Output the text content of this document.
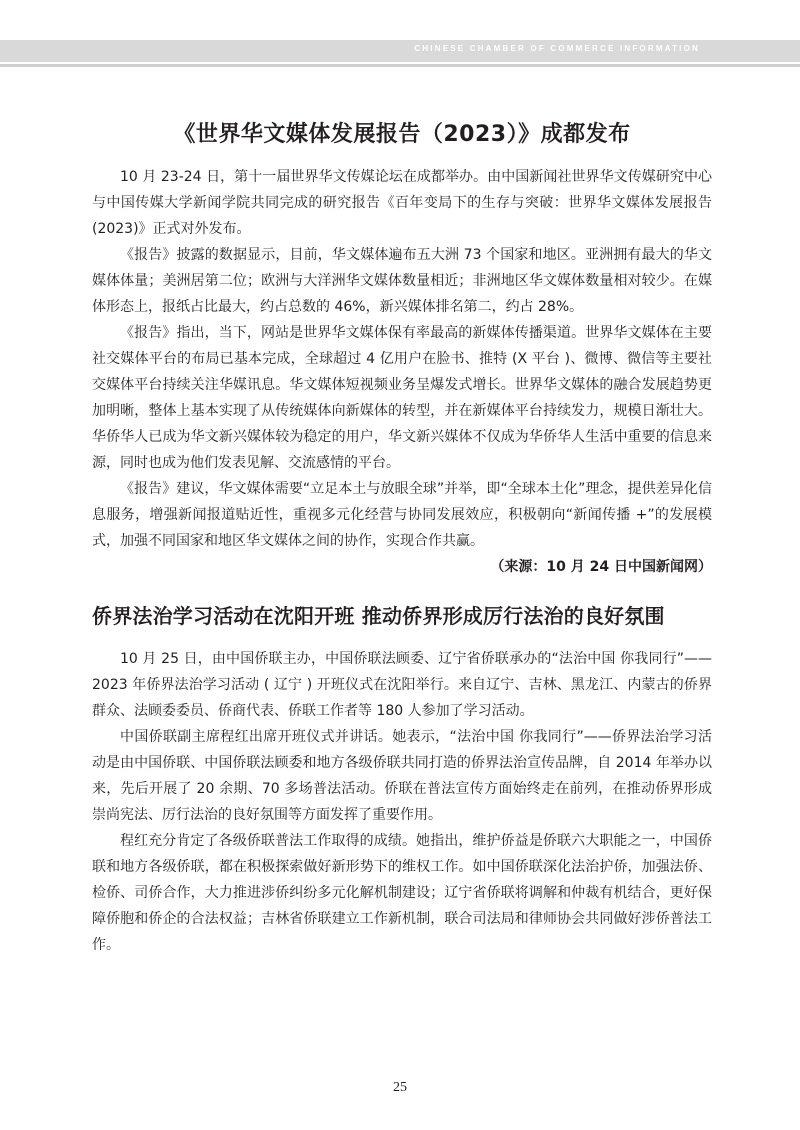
CHINESE CHAMBER OF COMMERCE INFORMATION
《世界华文媒体发展报告（2023）》成都发布

10 月 23-24 日，第十一届世界华文传媒论坛在成都举办。由中国新闻社世界华文传媒研究中心与中国传媒大学新闻学院共同完成的研究报告《百年变局下的生存与突破：世界华文媒体发展报告 (2023)》正式对外发布。

《报告》披露的数据显示，目前，华文媒体遍布五大洲 73 个国家和地区。亚洲拥有最大的华文媒体体量；美洲居第二位；欧洲与大洋洲华文媒体数量相近；非洲地区华文媒体数量相对较少。在媒体形态上，报纸占比最大，约占总数的 46%，新兴媒体排名第二，约占 28%。

《报告》指出，当下，网站是世界华文媒体保有率最高的新媒体传播渠道。世界华文媒体在主要社交媒体平台的布局已基本完成，全球超过 4 亿用户在脸书、推特 (X 平台 )、微博、微信等主要社交媒体平台持续关注华媒讯息。华文媒体短视频业务呈爆发式增长。世界华文媒体的融合发展趋势更加明晰，整体上基本实现了从传统媒体向新媒体的转型，并在新媒体平台持续发力，规模日渐壮大。华侨华人已成为华文新兴媒体较为稳定的用户，华文新兴媒体不仅成为华侨华人生活中重要的信息来源，同时也成为他们发表见解、交流感情的平台。

《报告》建议，华文媒体需要“立足本土与放眼全球”并举，即“全球本土化”理念，提供差异化信息服务，增强新闻报道贴近性，重视多元化经营与协同发展效应，积极朝向“新闻传播 +”的发展模式，加强不同国家和地区华文媒体之间的协作，实现合作共赢。

（来源：10 月 24 日中国新闻网）

侨界法治学习活动在沈阳开班 推动侨界形成厉行法治的良好氛围

10 月 25 日，由中国侨联主办，中国侨联法顾委、辽宁省侨联承办的“法治中国 你我同行”——2023 年侨界法治学习活动 ( 辽宁 ) 开班仪式在沈阳举行。来自辽宁、吉林、黑龙江、内蒙古的侨界群众、法顾委委员、侨商代表、侨联工作者等 180 人参加了学习活动。

中国侨联副主席程红出席开班仪式并讲话。她表示，“法治中国 你我同行”——侨界法治学习活动是由中国侨联、中国侨联法顾委和地方各级侨联共同打造的侨界法治宣传品牌，自 2014 年举办以来，先后开展了 20 余期、70 多场普法活动。侨联在普法宣传方面始终走在前列，在推动侨界形成崇尚宪法、厉行法治的良好氛围等方面发挥了重要作用。

程红充分肯定了各级侨联普法工作取得的成绩。她指出，维护侨益是侨联六大职能之一，中国侨联和地方各级侨联，都在积极探索做好新形势下的维权工作。如中国侨联深化法治护侨，加强法侨、检侨、司侨合作，大力推进涉侨纠纷多元化解机制建设；辽宁省侨联将调解和仲裁有机结合，更好保障侨胞和侨企的合法权益；吉林省侨联建立工作新机制，联合司法局和律师协会共同做好涉侨普法工作。

25
